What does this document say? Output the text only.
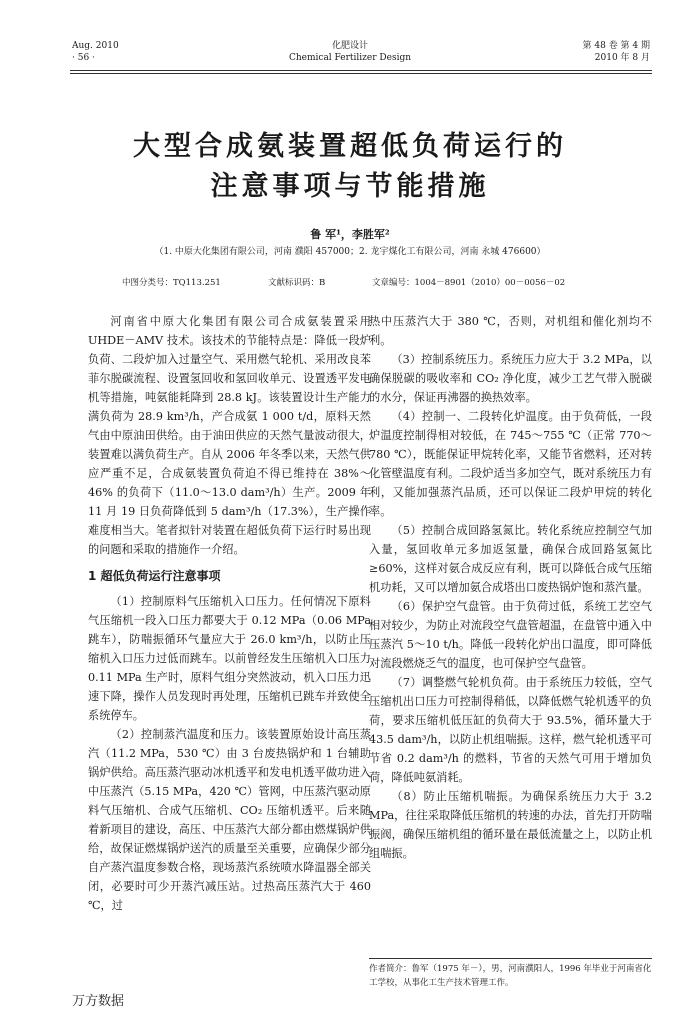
Aug. 2010
· 56 ·
化肥设计
Chemical Fertilizer Design
第 48 卷 第 4 期
2010 年 8 月
大型合成氨装置超低负荷运行的
注意事项与节能措施
鲁 军¹，李胜军²
（1. 中原大化集团有限公司，河南 濮阳 457000；2. 龙宇煤化工有限公司，河南 永城 476600）
中图分类号：TQ113.251	文献标识码：B	文章编号：1004－8901（2010）00－0056－02

河南省中原大化集团有限公司合成氨装置采用 UHDE－AMV 技术。该技术的节能特点是：降低一段炉负荷、二段炉加入过量空气、采用燃气轮机、采用改良苯菲尔脱碳流程、设置氢回收和氢回收单元、设置透平发电机等措施，吨氨能耗降到 28.8 kJ。该装置设计生产能力满负荷为 28.9 km³/h，产合成氨 1 000 t/d，原料天然气由中原油田供给。由于油田供应的天然气量波动很大，装置难以满负荷生产。自从 2006 年冬季以来，天然气供应严重不足，合成氨装置负荷迫不得已维持在 38%～46% 的负荷下（11.0～13.0 dam³/h）生产。2009 年 11 月 19 日负荷降低到 5 dam³/h（17.3%），生产操作难度相当大。笔者拟针对装置在超低负荷下运行时易出现的问题和采取的措施作一介绍。

1 超低负荷运行注意事项

（1）控制原料气压缩机入口压力。任何情况下原料气压缩机一段入口压力都要大于 0.12 MPa（0.06 MPa 跳车），防喘振循环气量应大于 26.0 km³/h，以防止压缩机入口压力过低而跳车。以前曾经发生压缩机入口压力 0.11 MPa 生产时，原料气组分突然波动，机入口压力迅速下降，操作人员发现时再处理，压缩机已跳车并致使全系统停车。

（2）控制蒸汽温度和压力。该装置原始设计高压蒸汽（11.2 MPa，530 ℃）由 3 台废热锅炉和 1 台辅助锅炉供给。高压蒸汽驱动冰机透平和发电机透平做功进入中压蒸汽（5.15 MPa，420 ℃）管网，中压蒸汽驱动原料气压缩机、合成气压缩机、CO₂ 压缩机透平。后来随着新项目的建设，高压、中压蒸汽大部分都由燃煤锅炉供给，故保证燃煤锅炉送汽的质量至关重要，应确保少部分自产蒸汽温度参数合格，现场蒸汽系统喷水降温器全部关闭，必要时可少开蒸汽减压站。过热高压蒸汽大于 460 ℃，过

热中压蒸汽大于 380 ℃，否则，对机组和催化剂均不利。

（3）控制系统压力。系统压力应大于 3.2 MPa，以确保脱碳的吸收率和 CO₂ 净化度，减少工艺气带入脱碳的水分，保证再沸器的换热效率。

（4）控制一、二段转化炉温度。由于负荷低，一段炉温度控制得相对较低，在 745～755 ℃（正常 770～780 ℃），既能保证甲烷转化率，又能节省燃料，还对转化管壁温度有利。二段炉适当多加空气，既对系统压力有利，又能加强蒸汽品质，还可以保证二段炉甲烷的转化率。

（5）控制合成回路氢氮比。转化系统应控制空气加入量，氢回收单元多加返氢量，确保合成回路氢氮比 ≥60%，这样对氨合成反应有利，既可以降低合成气压缩机功耗，又可以增加氨合成塔出口废热锅炉饱和蒸汽量。

（6）保护空气盘管。由于负荷过低，系统工艺空气相对较少，为防止对流段空气盘管超温，在盘管中通入中压蒸汽 5～10 t/h。降低一段转化炉出口温度，即可降低对流段燃烧乏气的温度，也可保护空气盘管。

（7）调整燃气轮机负荷。由于系统压力较低，空气压缩机出口压力可控制得稍低，以降低燃气轮机透平的负荷，要求压缩机低压缸的负荷大于 93.5%，循环量大于 43.5 dam³/h，以防止机组喘振。这样，燃气轮机透平可节省 0.2 dam³/h 的燃料，节省的天然气可用于增加负荷，降低吨氨消耗。

（8）防止压缩机喘振。为确保系统压力大于 3.2 MPa，往往采取降低压缩机的转速的办法，首先打开防喘振阀，确保压缩机组的循环量在最低流量之上，以防止机组喘振。

作者简介：鲁军（1975 年－），男，河南濮阳人，1996 年毕业于河南省化工学校，从事化工生产技术管理工作。
万方数据
